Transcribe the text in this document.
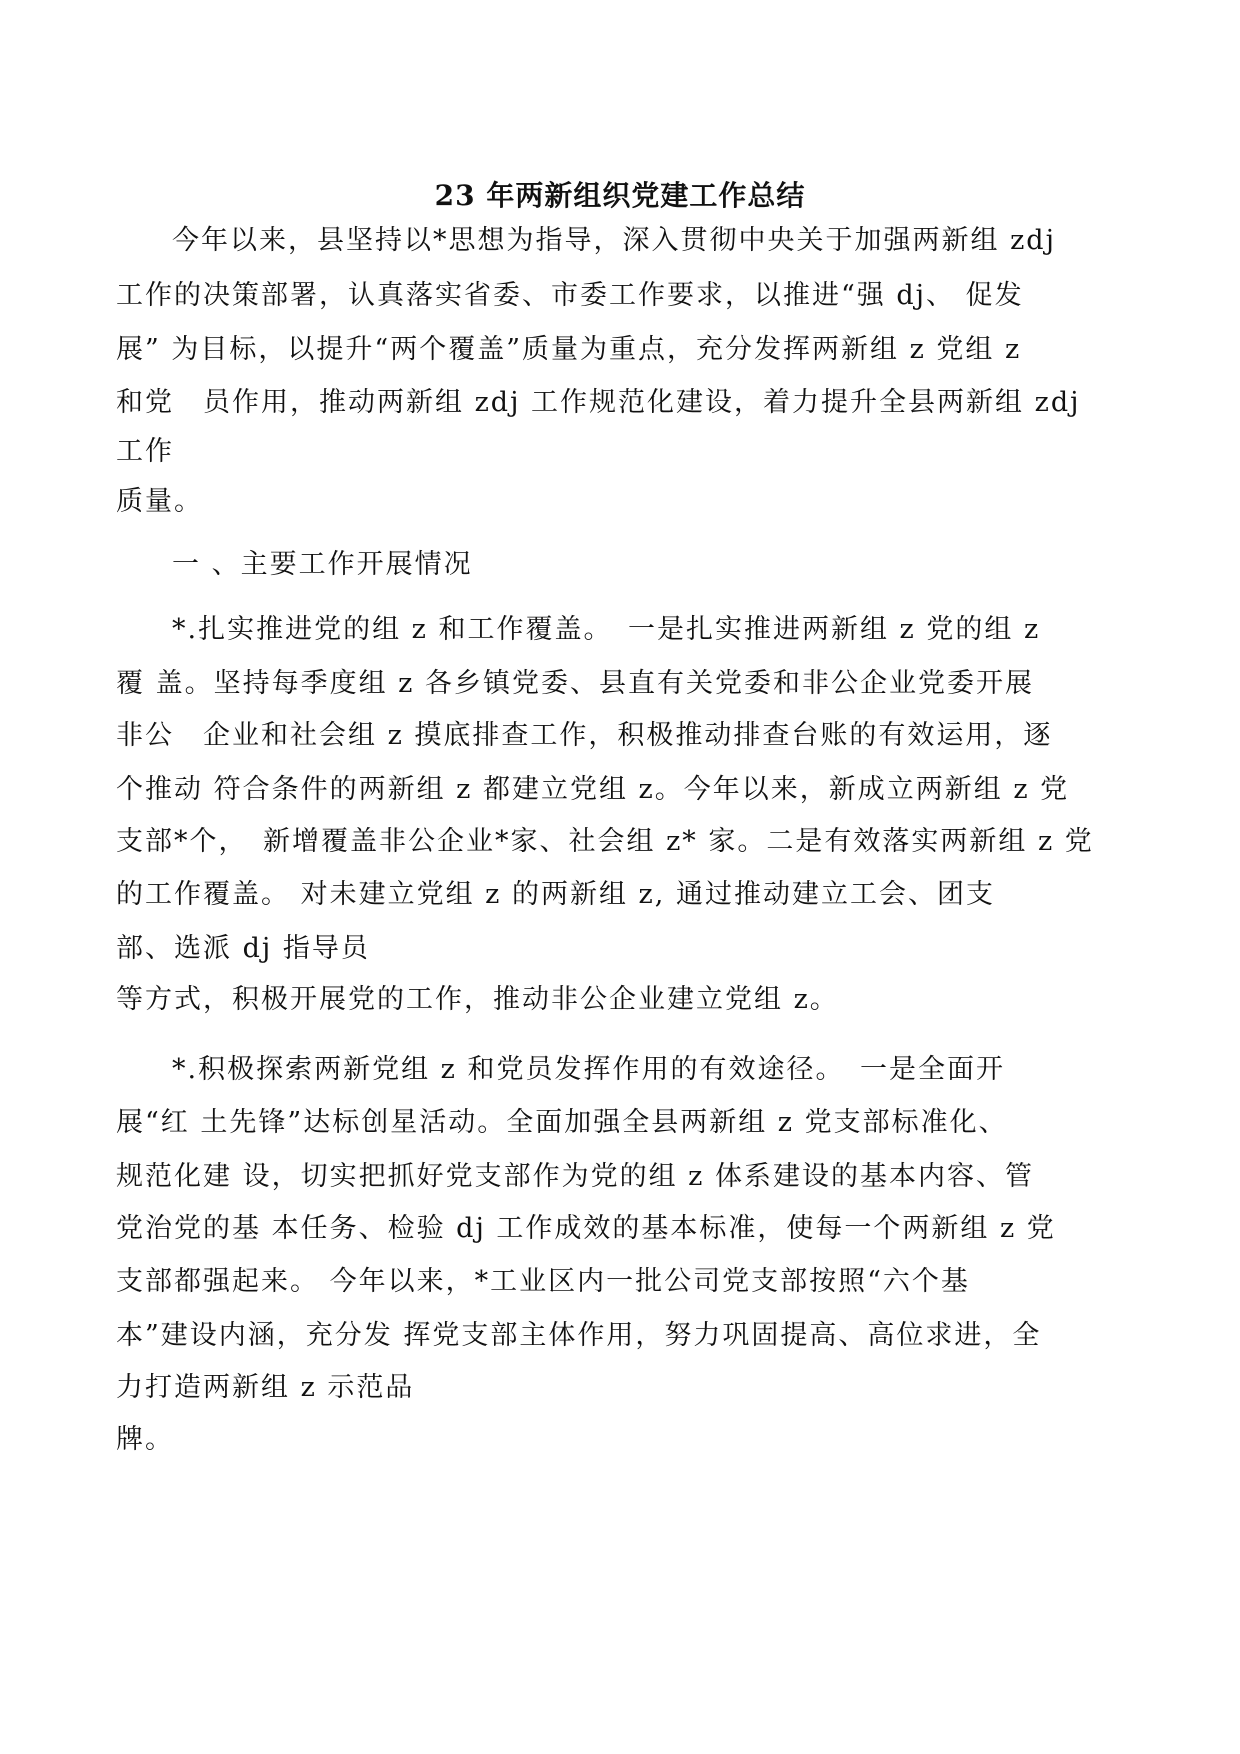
23 年两新组织党建工作总结
今年以来，县坚持以*思想为指导，深入贯彻中央关于加强两新组 zdj
工作的决策部署，认真落实省委、市委工作要求，以推进“强 dj、 促发
展” 为目标，以提升“两个覆盖”质量为重点，充分发挥两新组 z 党组 z
和党　员作用，推动两新组 zdj 工作规范化建设，着力提升全县两新组 zdj
工作
质量。
一 、主要工作开展情况
*.扎实推进党的组 z 和工作覆盖。　一是扎实推进两新组 z 党的组 z
覆 盖。坚持每季度组 z 各乡镇党委、县直有关党委和非公企业党委开展
非公　企业和社会组 z 摸底排查工作，积极推动排查台账的有效运用，逐
个推动 符合条件的两新组 z 都建立党组 z。今年以来，新成立两新组 z 党
支部*个，　新增覆盖非公企业*家、社会组 z* 家。二是有效落实两新组 z 党
的工作覆盖。 对未建立党组 z 的两新组 z, 通过推动建立工会、团支
部、选派 dj 指导员
等方式，积极开展党的工作，推动非公企业建立党组 z。
*.积极探索两新党组 z 和党员发挥作用的有效途径。　一是全面开
展“红 土先锋”达标创星活动。全面加强全县两新组 z 党支部标准化、
规范化建 设，切实把抓好党支部作为党的组 z 体系建设的基本内容、管
党治党的基 本任务、检验 dj 工作成效的基本标准，使每一个两新组 z 党
支部都强起来。 今年以来，*工业区内一批公司党支部按照“六个基
本”建设内涵，充分发 挥党支部主体作用，努力巩固提高、高位求进，全
力打造两新组 z 示范品
牌。
